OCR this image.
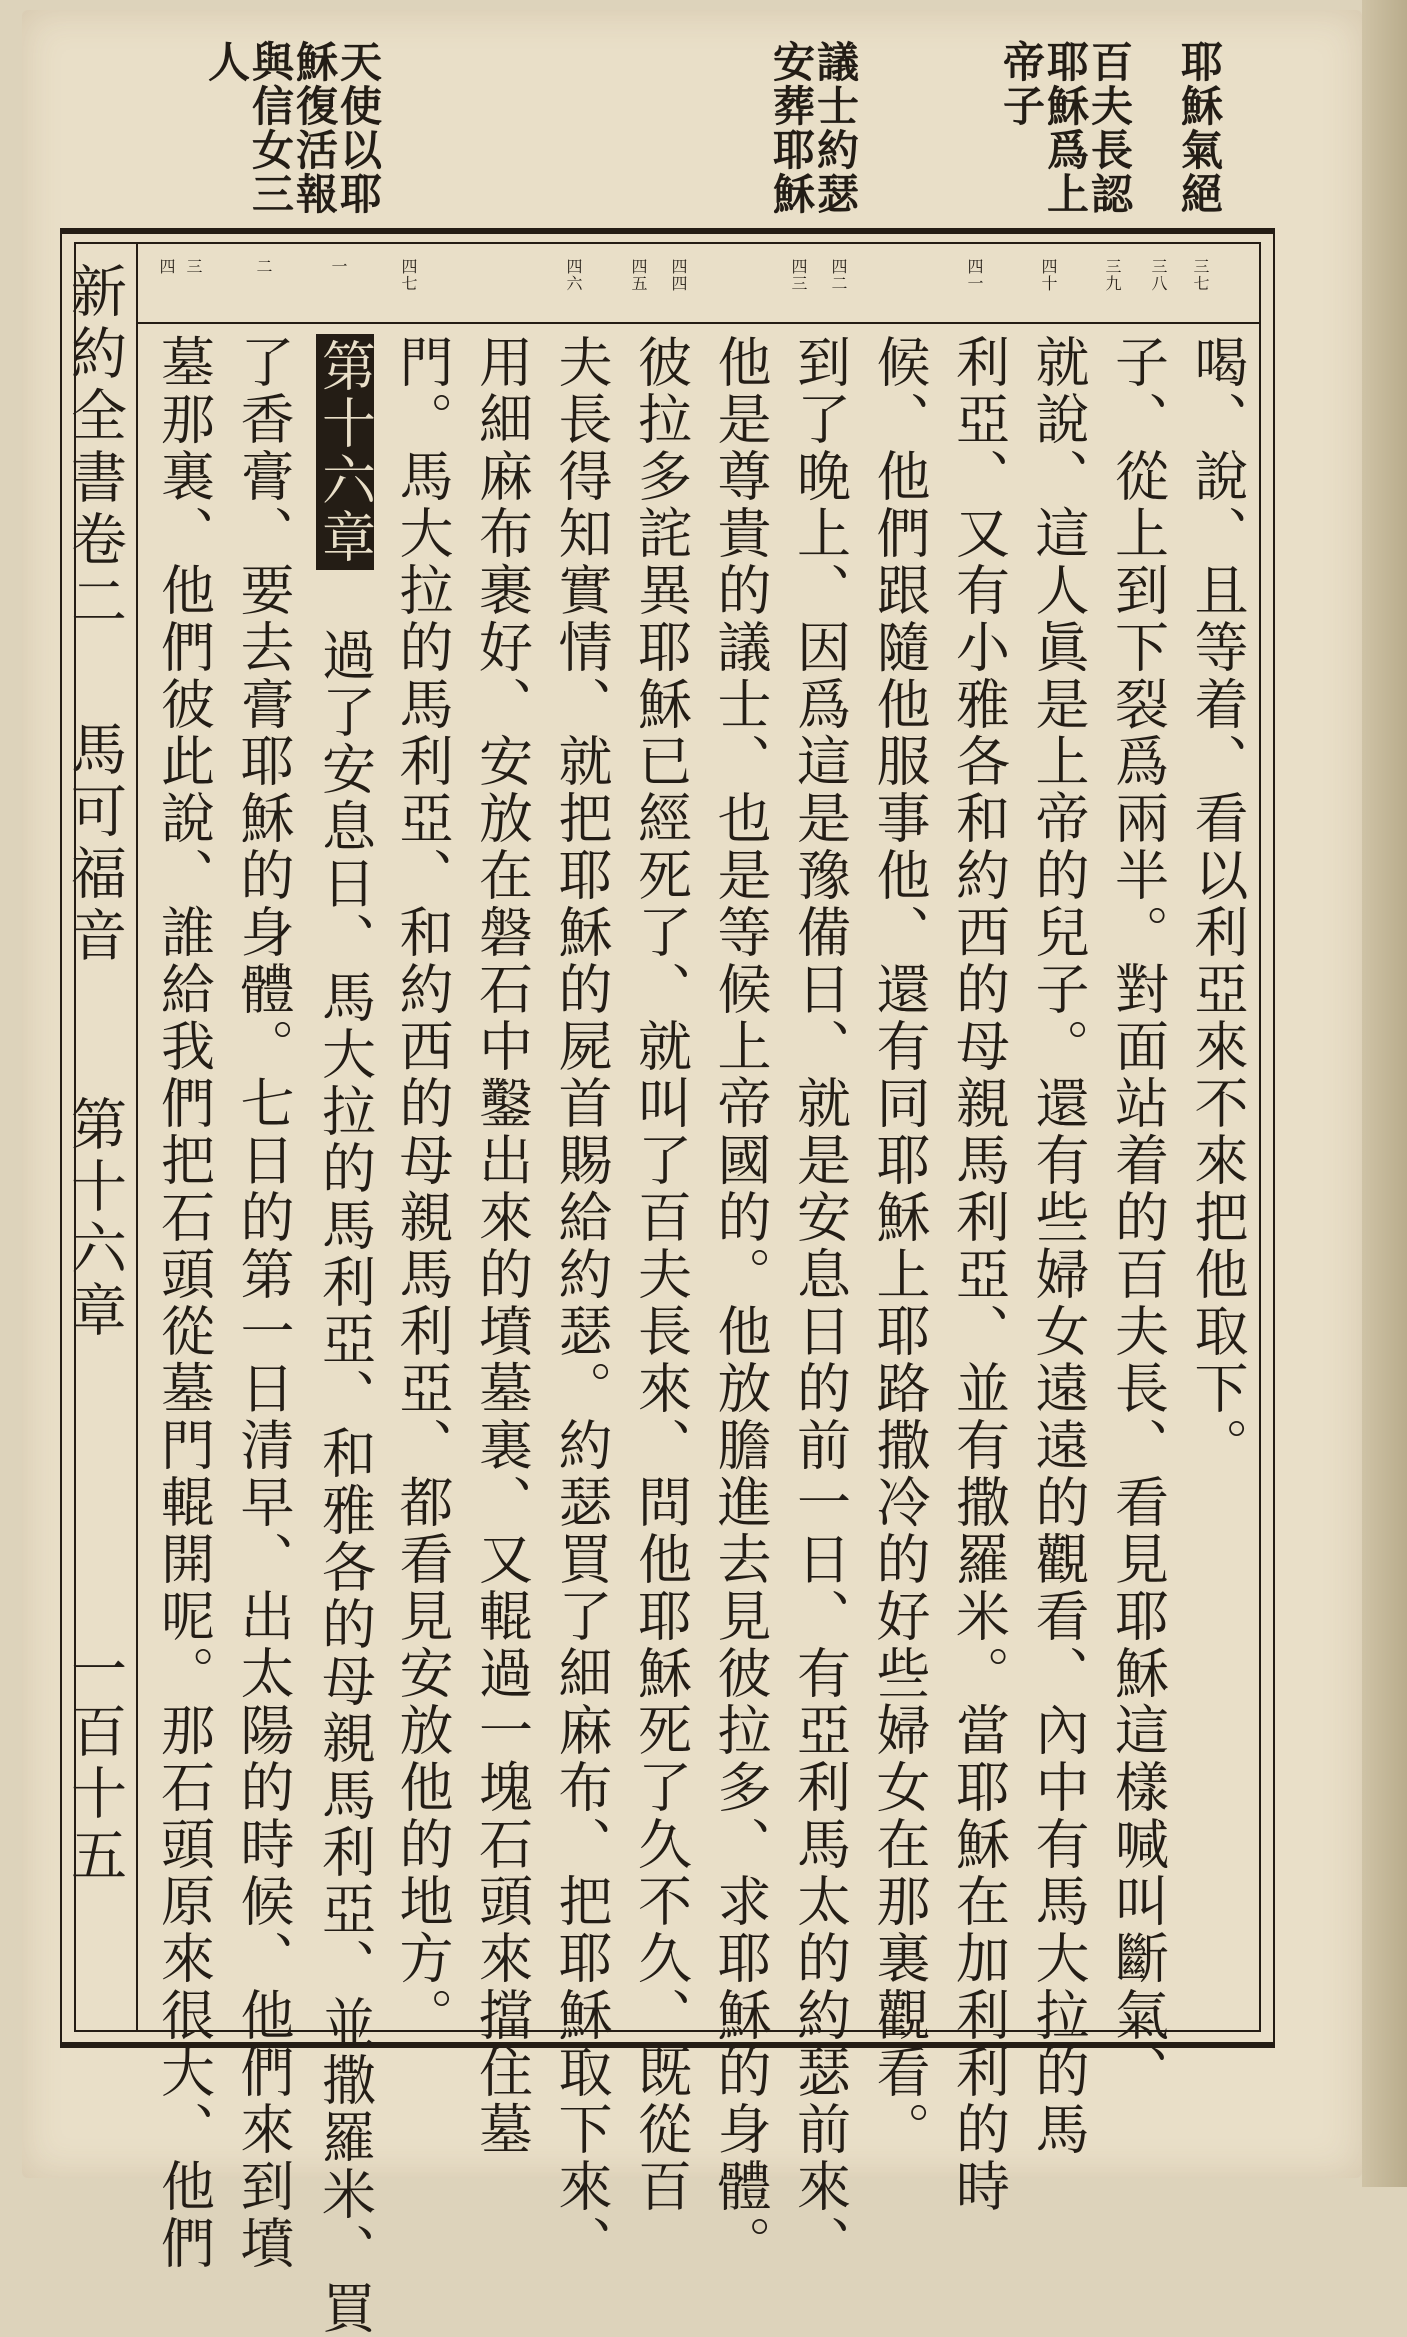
耶穌氣絕
百夫長認
耶穌爲上
帝子
議士約瑟
安葬耶穌
天使以耶
穌復活報
與信女三
人
三七
三八
三九
四十
四一
四二
四三
四四
四五
四六
四七
一
二
三
四
喝、說、且等着、看以利亞來不來把他取下。
子、從上到下裂爲兩半。對面站着的百夫長、看見耶穌這樣喊叫斷氣、
就說、這人眞是上帝的兒子。還有些婦女遠遠的觀看、內中有馬大拉的馬
利亞、又有小雅各和約西的母親馬利亞、並有撒羅米。當耶穌在加利利的時
候、他們跟隨他服事他、還有同耶穌上耶路撒冷的好些婦女在那裏觀看。
到了晚上、因爲這是豫備日、就是安息日的前一日、有亞利馬太的約瑟前來、
他是尊貴的議士、也是等候上帝國的。他放膽進去見彼拉多、求耶穌的身體。
彼拉多詫異耶穌已經死了、就叫了百夫長來、問他耶穌死了久不久、既從百
夫長得知實情、就把耶穌的屍首賜給約瑟。約瑟買了細麻布、把耶穌取下來、
用細麻布裹好、安放在磐石中鑿出來的墳墓裏、又輥過一塊石頭來擋住墓
門。馬大拉的馬利亞、和約西的母親馬利亞、都看見安放他的地方。
第十六章　過了安息日、馬大拉的馬利亞、和雅各的母親馬利亞、並撒羅米、買
了香膏、要去膏耶穌的身體。七日的第一日清早、出太陽的時候、他們來到墳
墓那裏、他們彼此說、誰給我們把石頭從墓門輥開呢。那石頭原來很大、他們
新約全書卷二
馬可福音
第十六章
一百十五
